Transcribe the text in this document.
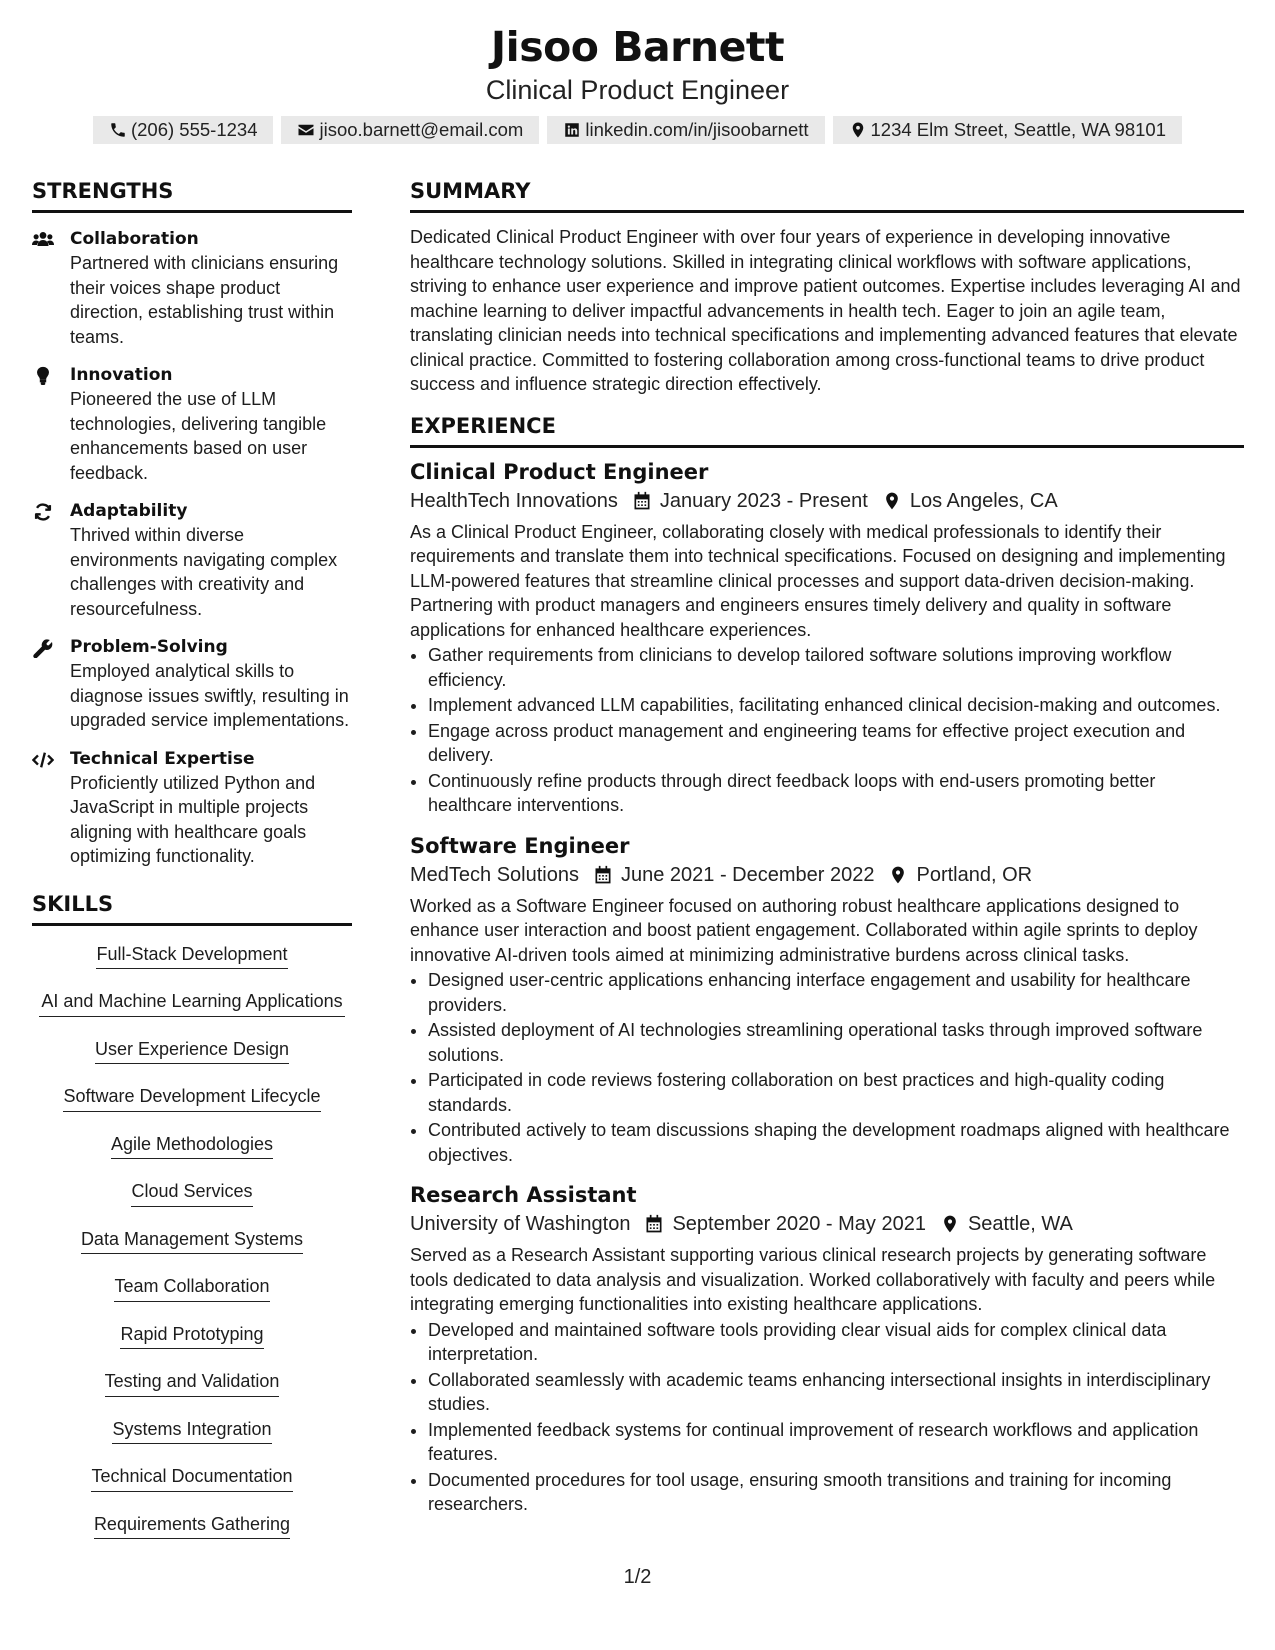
Jisoo Barnett
Clinical Product Engineer
(206) 555-1234	jisoo.barnett@email.com	linkedin.com/in/jisoobarnett	1234 Elm Street, Seattle, WA 98101
STRENGTHS
Collaboration
Partnered with clinicians ensuring their voices shape product direction, establishing trust within teams.
Innovation
Pioneered the use of LLM technologies, delivering tangible enhancements based on user feedback.
Adaptability
Thrived within diverse environments navigating complex challenges with creativity and resourcefulness.
Problem-Solving
Employed analytical skills to diagnose issues swiftly, resulting in upgraded service implementations.
Technical Expertise
Proficiently utilized Python and JavaScript in multiple projects aligning with healthcare goals optimizing functionality.
SKILLS
Full-Stack Development
AI and Machine Learning Applications
User Experience Design
Software Development Lifecycle
Agile Methodologies
Cloud Services
Data Management Systems
Team Collaboration
Rapid Prototyping
Testing and Validation
Systems Integration
Technical Documentation
Requirements Gathering
SUMMARY
Dedicated Clinical Product Engineer with over four years of experience in developing innovative healthcare technology solutions. Skilled in integrating clinical workflows with software applications, striving to enhance user experience and improve patient outcomes. Expertise includes leveraging AI and machine learning to deliver impactful advancements in health tech. Eager to join an agile team, translating clinician needs into technical specifications and implementing advanced features that elevate clinical practice. Committed to fostering collaboration among cross-functional teams to drive product success and influence strategic direction effectively.
EXPERIENCE
Clinical Product Engineer
HealthTech Innovations January 2023 - Present Los Angeles, CA
As a Clinical Product Engineer, collaborating closely with medical professionals to identify their requirements and translate them into technical specifications. Focused on designing and implementing LLM-powered features that streamline clinical processes and support data-driven decision-making. Partnering with product managers and engineers ensures timely delivery and quality in software applications for enhanced healthcare experiences.
• Gather requirements from clinicians to develop tailored software solutions improving workflow efficiency.
• Implement advanced LLM capabilities, facilitating enhanced clinical decision-making and outcomes.
• Engage across product management and engineering teams for effective project execution and delivery.
• Continuously refine products through direct feedback loops with end-users promoting better healthcare interventions.
Software Engineer
MedTech Solutions June 2021 - December 2022 Portland, OR
Worked as a Software Engineer focused on authoring robust healthcare applications designed to enhance user interaction and boost patient engagement. Collaborated within agile sprints to deploy innovative AI-driven tools aimed at minimizing administrative burdens across clinical tasks.
• Designed user-centric applications enhancing interface engagement and usability for healthcare providers.
• Assisted deployment of AI technologies streamlining operational tasks through improved software solutions.
• Participated in code reviews fostering collaboration on best practices and high-quality coding standards.
• Contributed actively to team discussions shaping the development roadmaps aligned with healthcare objectives.
Research Assistant
University of Washington September 2020 - May 2021 Seattle, WA
Served as a Research Assistant supporting various clinical research projects by generating software tools dedicated to data analysis and visualization. Worked collaboratively with faculty and peers while integrating emerging functionalities into existing healthcare applications.
• Developed and maintained software tools providing clear visual aids for complex clinical data interpretation.
• Collaborated seamlessly with academic teams enhancing intersectional insights in interdisciplinary studies.
• Implemented feedback systems for continual improvement of research workflows and application features.
• Documented procedures for tool usage, ensuring smooth transitions and training for incoming researchers.
1/2
